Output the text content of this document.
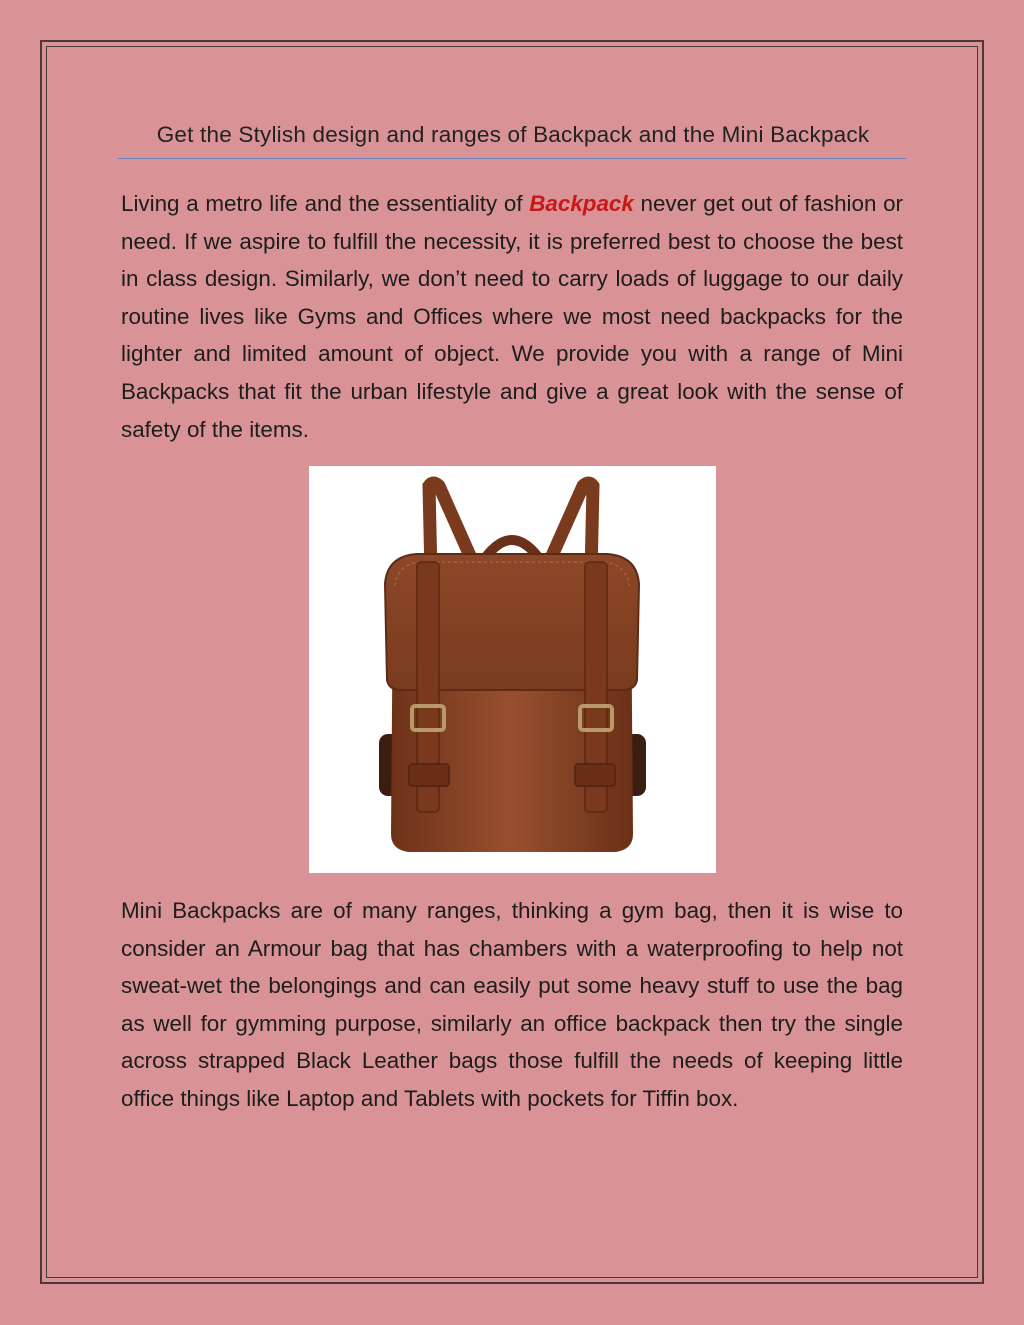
Get the Stylish design and ranges of Backpack and the Mini Backpack

Living a metro life and the essentiality of Backpack never get out of fashion or need. If we aspire to fulfill the necessity, it is preferred best to choose the best in class design. Similarly, we don’t need to carry loads of luggage to our daily routine lives like Gyms and Offices where we most need backpacks for the lighter and limited amount of object. We provide you with a range of Mini Backpacks that fit the urban lifestyle and give a great look with the sense of safety of the items.

Mini Backpacks are of many ranges, thinking a gym bag, then it is wise to consider an Armour bag that has chambers with a waterproofing to help not sweat-wet the belongings and can easily put some heavy stuff to use the bag as well for gymming purpose, similarly an office backpack then try the single across strapped Black Leather bags those fulfill the needs of keeping little office things like Laptop and Tablets with pockets for Tiffin box.
